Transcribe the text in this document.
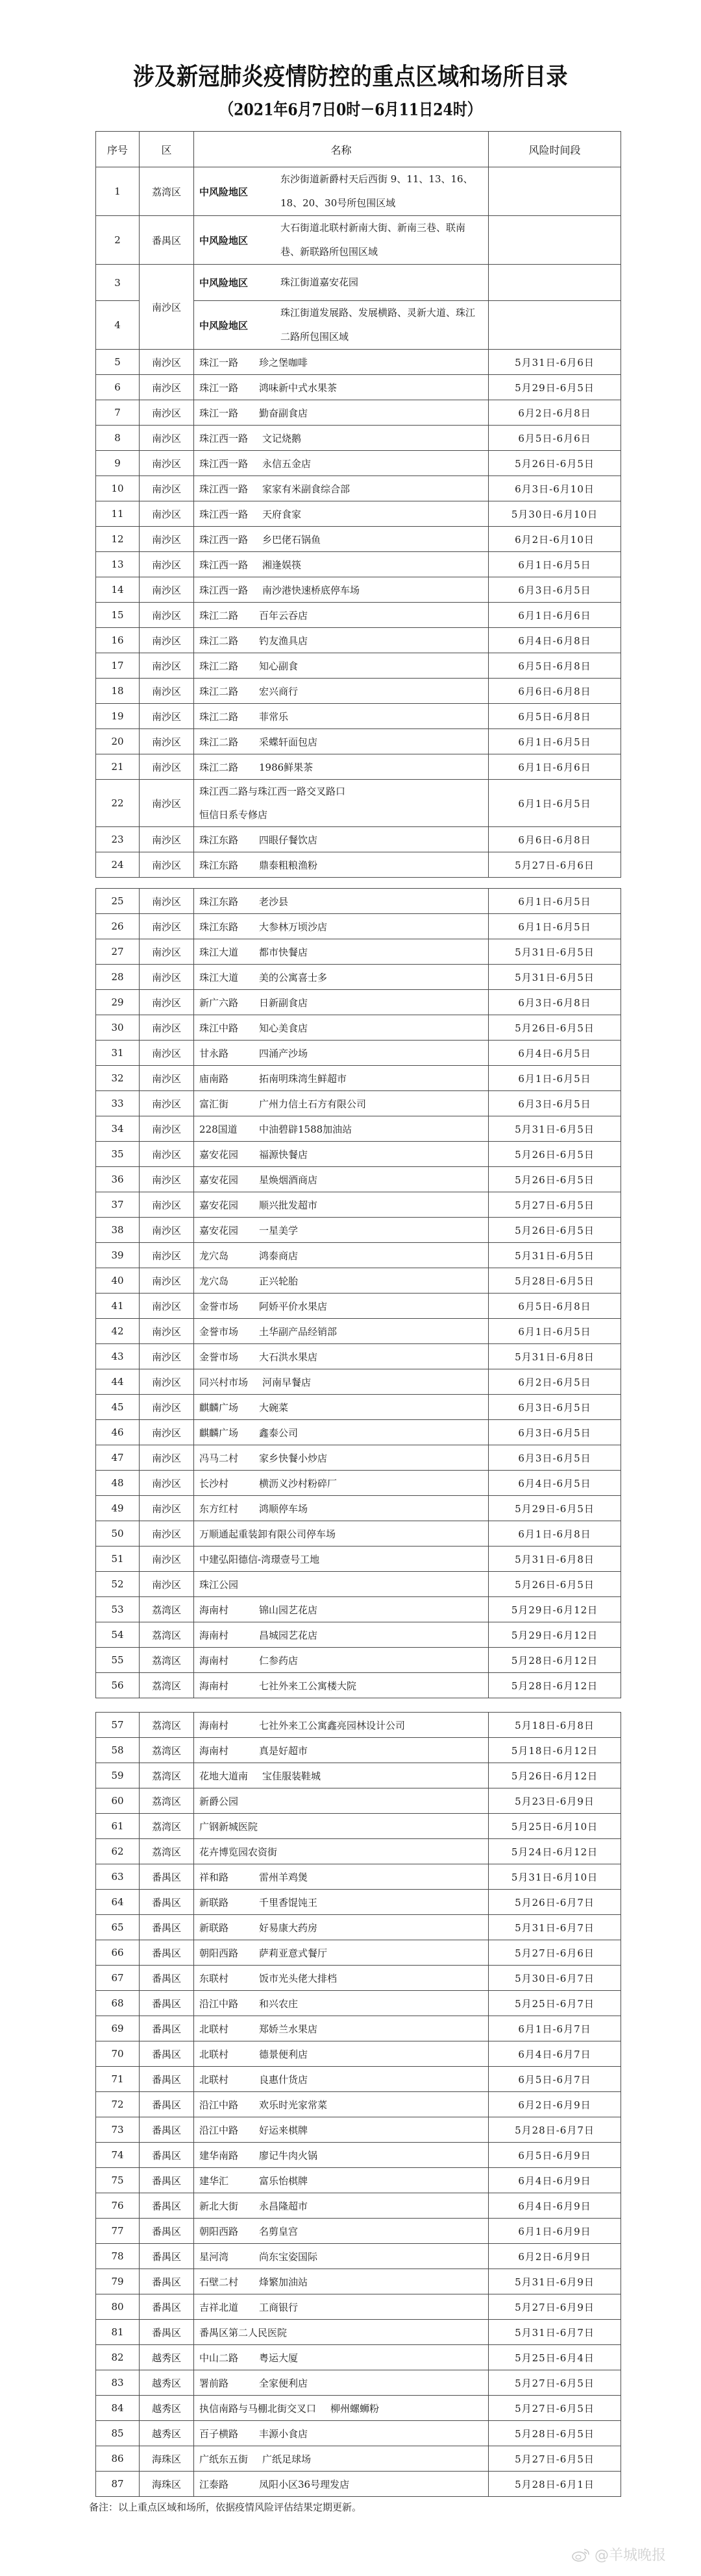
涉及新冠肺炎疫情防控的重点区域和场所目录
（2021年6月7日0时－6月11日24时）
序号	区	名称	风险时间段
1	荔湾区	中风险地区
东沙街道新爵村天后西街 9、11、13、16、 18、20、30号所包围区域	

2	番禺区	中风险地区
大石街道北联村新南大街、新南三巷、联南巷、新联路所包围区域	

3	南沙区	中风险地区 珠江街道嘉安花园	

4		中风险地区
珠江街道发展路、发展横路、灵新大道、珠江二路所包围区域	

5	南沙区	珠江一路 珍之堡咖啡	5月31日-6月6日
6	南沙区	珠江一路 鸿味新中式水果茶	5月29日-6月5日
7	南沙区	珠江一路 勤奋副食店	6月2日-6月8日
8	南沙区	珠江西一路 文记烧鹅	6月5日-6月6日
9	南沙区	珠江西一路 永信五金店	5月26日-6月5日
10	南沙区	珠江西一路 家家有米副食综合部	6月3日-6月10日
11	南沙区	珠江西一路 天府食家	5月30日-6月10日
12	南沙区	珠江西一路 乡巴佬石锅鱼	6月2日-6月10日
13	南沙区	珠江西一路 湘逢娱筷	6月1日-6月5日
14	南沙区	珠江西一路 南沙港快速桥底停车场	6月3日-6月5日
15	南沙区	珠江二路 百年云吞店	6月1日-6月6日
16	南沙区	珠江二路 钓友渔具店	6月4日-6月8日
17	南沙区	珠江二路 知心副食	6月5日-6月8日
18	南沙区	珠江二路 宏兴商行	6月6日-6月8日
19	南沙区	珠江二路 菲常乐	6月5日-6月8日
20	南沙区	珠江二路 采蝶轩面包店	6月1日-6月5日
21	南沙区	珠江二路 1986鲜果茶	6月1日-6月6日
22	南沙区	珠江西二路与珠江西一路交叉路口
恒信日系专修店	6月1日-6月5日
23	南沙区	珠江东路 四眼仔餐饮店	6月6日-6月8日
24	南沙区	珠江东路 鼎泰粗粮渔粉	5月27日-6月6日
25	南沙区	珠江东路 老沙县	6月1日-6月5日
26	南沙区	珠江东路 大参林万顷沙店	6月1日-6月5日
27	南沙区	珠江大道 都市快餐店	5月31日-6月5日
28	南沙区	珠江大道 美的公寓喜士多	5月31日-6月5日
29	南沙区	新广六路 日新副食店	6月3日-6月8日
30	南沙区	珠江中路 知心美食店	5月26日-6月5日
31	南沙区	甘永路 四涌产沙场	6月4日-6月5日
32	南沙区	庙南路 拓南明珠湾生鲜超市	6月1日-6月5日
33	南沙区	富汇街 广州力信土石方有限公司	6月3日-6月5日
34	南沙区	228国道 中油碧辟1588加油站	5月31日-6月5日
35	南沙区	嘉安花园 福源快餐店	5月26日-6月5日
36	南沙区	嘉安花园 星焕烟酒商店	5月26日-6月5日
37	南沙区	嘉安花园 顺兴批发超市	5月27日-6月5日
38	南沙区	嘉安花园 一星美学	5月26日-6月5日
39	南沙区	龙穴岛 鸿泰商店	5月31日-6月5日
40	南沙区	龙穴岛 正兴轮胎	5月28日-6月5日
41	南沙区	金誉市场 阿娇平价水果店	6月5日-6月8日
42	南沙区	金誉市场 土华副产品经销部	6月1日-6月5日
43	南沙区	金誉市场 大石洪水果店	5月31日-6月8日
44	南沙区	同兴村市场 河南早餐店	6月2日-6月5日
45	南沙区	麒麟广场 大碗菜	6月3日-6月5日
46	南沙区	麒麟广场 鑫泰公司	6月3日-6月5日
47	南沙区	冯马二村 家乡快餐小炒店	6月3日-6月5日
48	南沙区	长沙村 横沥义沙村粉碎厂	6月4日-6月5日
49	南沙区	东方红村 鸿顺停车场	5月29日-6月5日
50	南沙区	万顺通起重装卸有限公司停车场	6月1日-6月8日
51	南沙区	中建弘阳德信-湾璟壹号工地	5月31日-6月8日
52	南沙区	珠江公园	5月26日-6月5日
53	荔湾区	海南村 锦山园艺花店	5月29日-6月12日
54	荔湾区	海南村 昌城园艺花店	5月29日-6月12日
55	荔湾区	海南村 仁参药店	5月28日-6月12日
56	荔湾区	海南村 七社外来工公寓楼大院	5月28日-6月12日
57	荔湾区	海南村 七社外来工公寓鑫亮园林设计公司	5月18日-6月8日
58	荔湾区	海南村 真是好超市	5月18日-6月12日
59	荔湾区	花地大道南 宝佳服装鞋城	5月26日-6月12日
60	荔湾区	新爵公园	5月23日-6月9日
61	荔湾区	广钢新城医院	5月25日-6月10日
62	荔湾区	花卉博览园农资街	5月24日-6月12日
63	番禺区	祥和路 雷州羊鸡煲	5月31日-6月10日
64	番禺区	新联路 千里香馄饨王	5月26日-6月7日
65	番禺区	新联路 好易康大药房	5月31日-6月7日
66	番禺区	朝阳西路 萨莉亚意式餐厅	5月27日-6月6日
67	番禺区	东联村 饭市光头佬大排档	5月30日-6月7日
68	番禺区	沿江中路 和兴农庄	5月25日-6月7日
69	番禺区	北联村 郑娇兰水果店	6月1日-6月7日
70	番禺区	北联村 德景便利店	6月4日-6月7日
71	番禺区	北联村 良惠什货店	6月5日-6月7日
72	番禺区	沿江中路 欢乐时光家常菜	6月2日-6月9日
73	番禺区	沿江中路 好运来棋牌	5月28日-6月7日
74	番禺区	建华南路 廖记牛肉火锅	6月5日-6月9日
75	番禺区	建华汇 富乐怡棋牌	6月4日-6月9日
76	番禺区	新北大街 永昌隆超市	6月4日-6月9日
77	番禺区	朝阳西路 名剪皇宫	6月1日-6月9日
78	番禺区	星河湾 尚东宝姿国际	6月2日-6月9日
79	番禺区	石壁二村 烽繁加油站	5月31日-6月9日
80	番禺区	吉祥北道 工商银行	5月27日-6月9日
81	番禺区	番禺区第二人民医院	5月31日-6月7日
82	越秀区	中山二路 粤运大厦	5月25日-6月4日
83	越秀区	署前路 全家便利店	5月27日-6月5日
84	越秀区	执信南路与马棚北街交叉口 柳州螺蛳粉	5月27日-6月5日
85	越秀区	百子横路 丰源小食店	5月28日-6月5日
86	海珠区	广纸东五街 广纸足球场	5月27日-6月5日
87	海珠区	江泰路 凤阳小区36号理发店	5月28日-6月1日
备注：以上重点区域和场所，依据疫情风险评估结果定期更新。
@羊城晚报
